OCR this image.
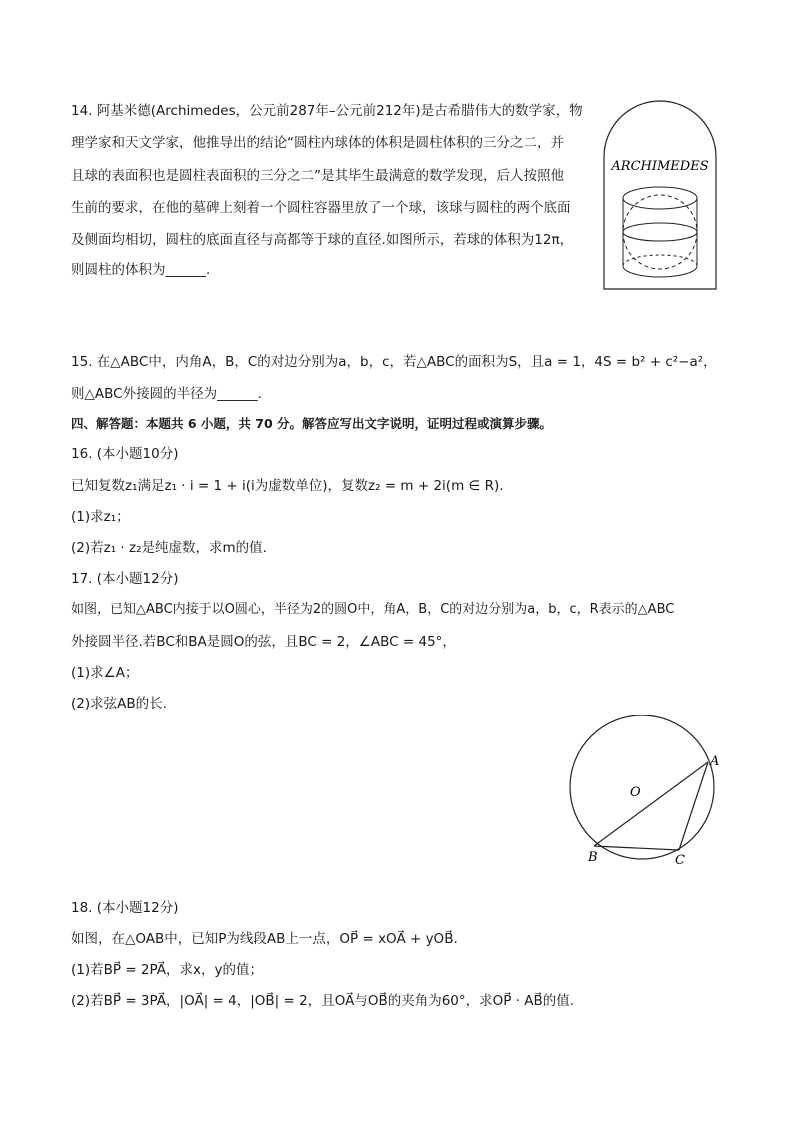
14. 阿基米德(Archimedes，公元前287年–公元前212年)是古希腊伟大的数学家，物
理学家和天文学家，他推导出的结论“圆柱内球体的体积是圆柱体积的三分之二，并
且球的表面积也是圆柱表面积的三分之二”是其毕生最满意的数学发现，后人按照他
生前的要求，在他的墓碑上刻着一个圆柱容器里放了一个球，该球与圆柱的两个底面
及侧面均相切，圆柱的底面直径与高都等于球的直径.如图所示，若球的体积为12π，
则圆柱的体积为______.
ARCHIMEDES
15. 在△ABC中，内角A，B，C的对边分别为a，b，c，若△ABC的面积为S，且a = 1，4S = b² + c²−a²，
则△ABC外接圆的半径为______.
四、解答题：本题共 6 小题，共 70 分。解答应写出文字说明，证明过程或演算步骤。
16. (本小题10分)
已知复数z₁满足z₁ · i = 1 + i(i为虚数单位)，复数z₂ = m + 2i(m ∈ R).
(1)求z₁；
(2)若z₁ · z₂是纯虚数，求m的值.
17. (本小题12分)
如图，已知△ABC内接于以O圆心，半径为2的圆O中，角A，B，C的对边分别为a，b，c，R表示的△ABC
外接圆半径.若BC和BA是圆O的弦，且BC = 2，∠ABC = 45°，
(1)求∠A；
(2)求弦AB的长.
A
B	C
O
18. (本小题12分)
如图，在△OAB中，已知P为线段AB上一点，OP⃗ = xOA⃗ + yOB⃗.
(1)若BP⃗ = 2PA⃗，求x，y的值；
(2)若BP⃗ = 3PA⃗，|OA⃗| = 4，|OB⃗| = 2，且OA⃗与OB⃗的夹角为60°，求OP⃗ · AB⃗的值.
